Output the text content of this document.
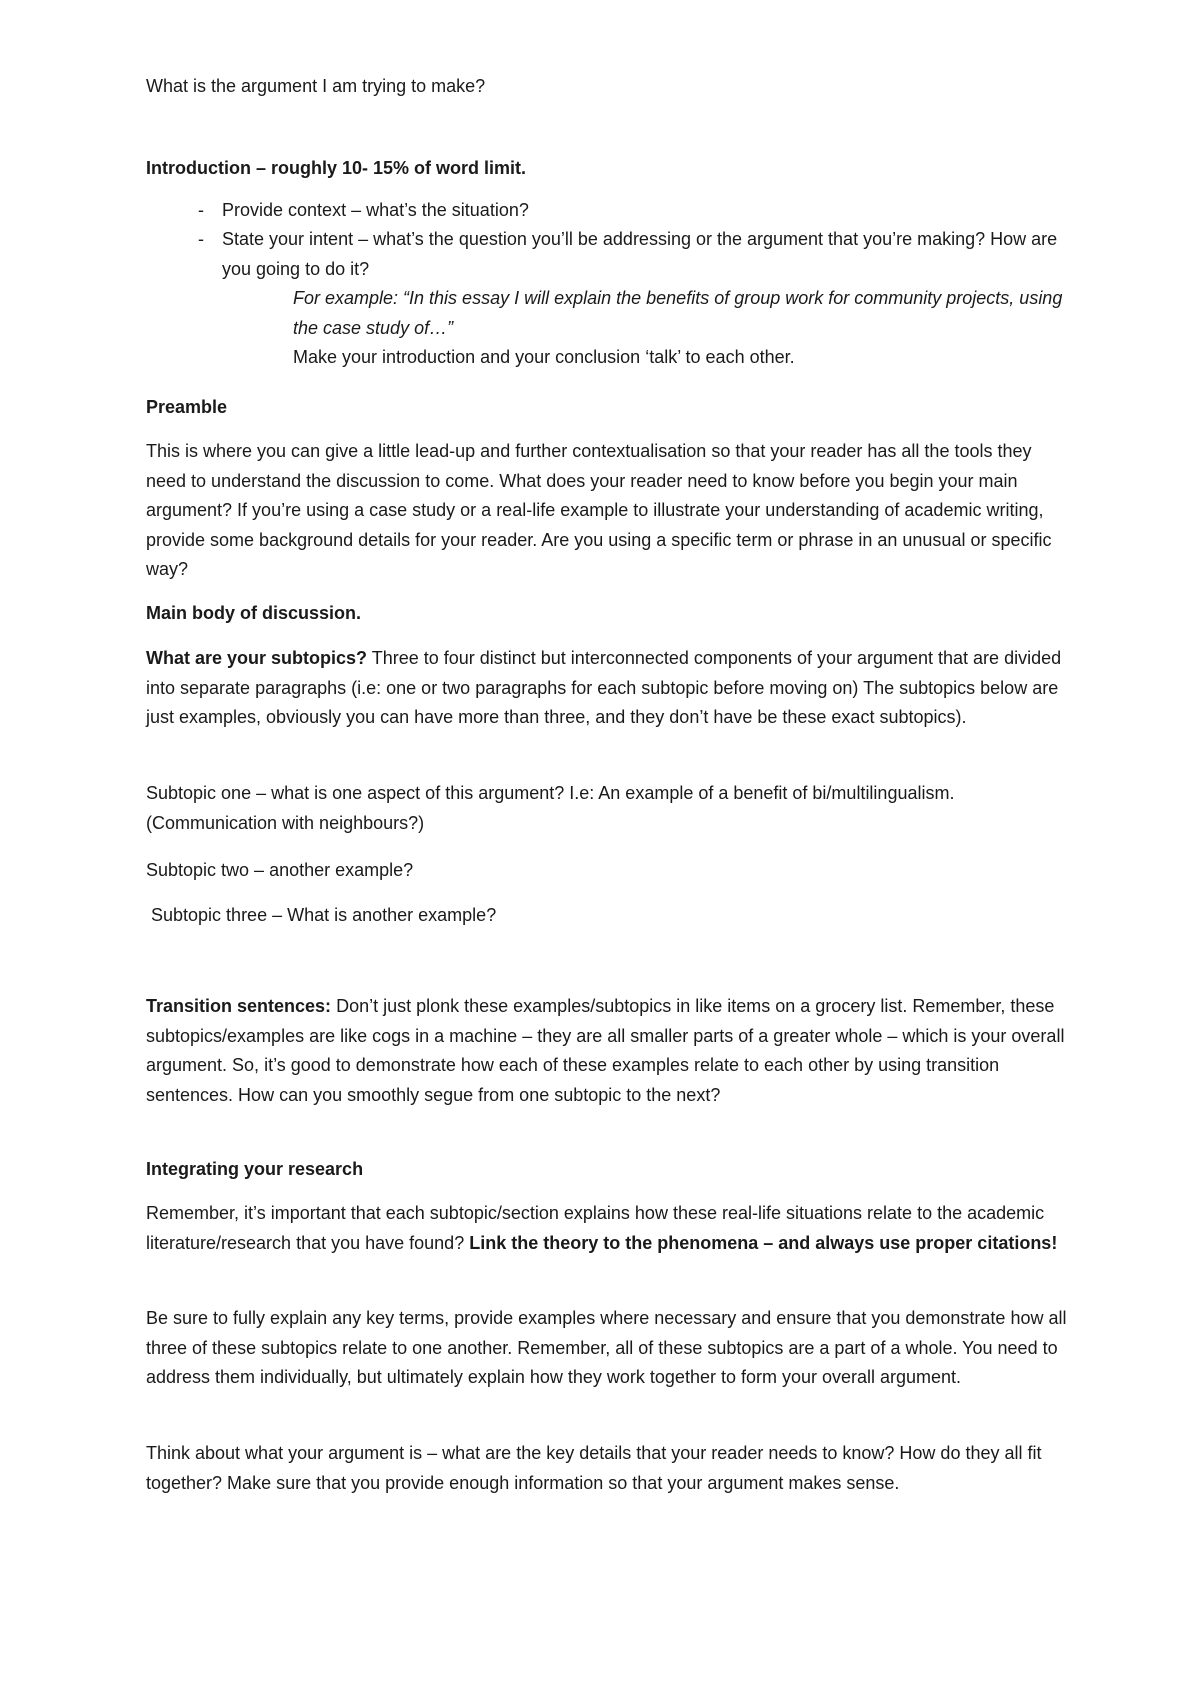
What is the argument I am trying to make?

Introduction – roughly 10- 15% of word limit.

- Provide context – what’s the situation?
- State your intent – what’s the question you’ll be addressing or the argument that you’re making? How are you going to do it?

For example: “In this essay I will explain the benefits of group work for community projects, using the case study of…”

Make your introduction and your conclusion ‘talk’ to each other.

Preamble

This is where you can give a little lead-up and further contextualisation so that your reader has all the tools they need to understand the discussion to come. What does your reader need to know before you begin your main argument? If you’re using a case study or a real-life example to illustrate your understanding of academic writing, provide some background details for your reader. Are you using a specific term or phrase in an unusual or specific way?

Main body of discussion.

What are your subtopics? Three to four distinct but interconnected components of your argument that are divided into separate paragraphs (i.e: one or two paragraphs for each subtopic before moving on) The subtopics below are just examples, obviously you can have more than three, and they don’t have be these exact subtopics).

Subtopic one – what is one aspect of this argument? I.e: An example of a benefit of bi/multilingualism. (Communication with neighbours?)

Subtopic two – another example?

Subtopic three – What is another example?

Transition sentences: Don’t just plonk these examples/subtopics in like items on a grocery list. Remember, these subtopics/examples are like cogs in a machine – they are all smaller parts of a greater whole – which is your overall argument. So, it’s good to demonstrate how each of these examples relate to each other by using transition sentences. How can you smoothly segue from one subtopic to the next?

Integrating your research

Remember, it’s important that each subtopic/section explains how these real-life situations relate to the academic literature/research that you have found? Link the theory to the phenomena – and always use proper citations!

Be sure to fully explain any key terms, provide examples where necessary and ensure that you demonstrate how all three of these subtopics relate to one another. Remember, all of these subtopics are a part of a whole. You need to address them individually, but ultimately explain how they work together to form your overall argument.

Think about what your argument is – what are the key details that your reader needs to know? How do they all fit together? Make sure that you provide enough information so that your argument makes sense.
